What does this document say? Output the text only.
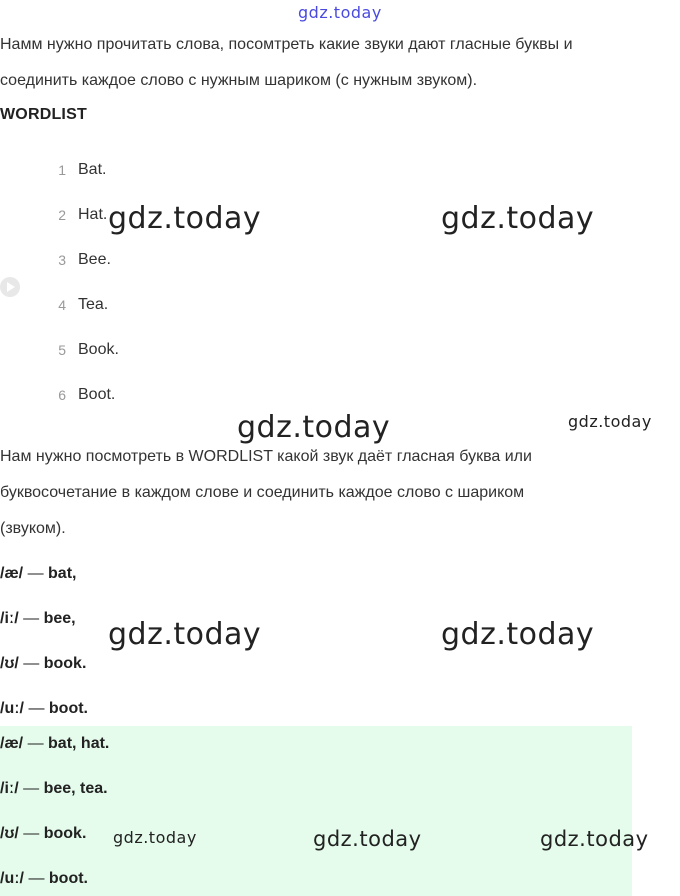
gdz.today
Намм нужно прочитать слова, посомтреть какие звуки дают гласные буквы и
соединить каждое слово с нужным шариком (с нужным звуком).
WORDLIST
1 Bat.
2 Hat.
3 Bee.
4 Tea.
5 Book.
6 Boot.
Нам нужно посмотреть в WORDLIST какой звук даёт гласная буква или
буквосочетание в каждом слове и соединить каждое слово с шариком
(звуком).
/æ/ — bat,
/iː/ — bee,
/ʊ/ — book.
/uː/ — boot.
/æ/ — bat, hat.
/iː/ — bee, tea.
/ʊ/ — book.
/uː/ — boot.
gdz.today	gdz.today
gdz.today	gdz.today
gdz.today	gdz.today
gdz.today	gdz.today	gdz.today
